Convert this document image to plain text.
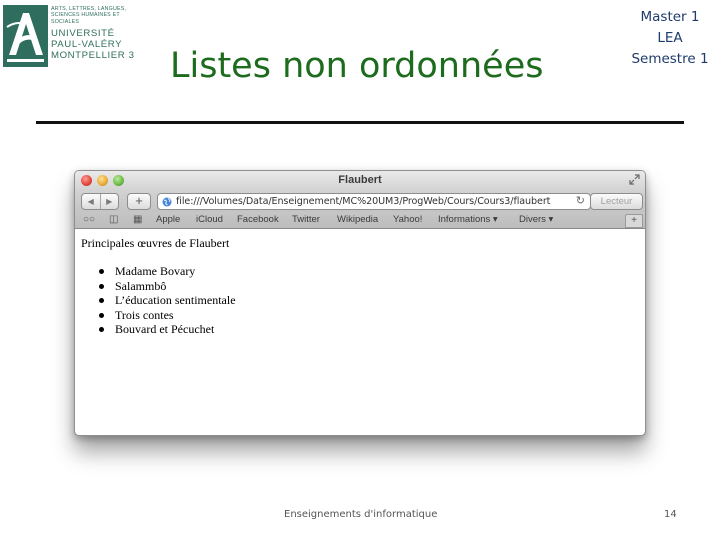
ARTS, LETTRES, LANGUES,
SCIENCES HUMAINES ET
SOCIALES
UNIVERSITÉ
PAUL-VALÉRY
MONTPELLIER 3 Listes non ordonnées
Master 1
LEA
Semestre 1
Flaubert
◀	▶	+	file:///Volumes/Data/Enseignement/MC%20UM3/ProgWeb/Cours/Cours3/flaubert	↻	Lecteur
○○ ◫ ▦ Apple iCloud Facebook Twitter Wikipedia Yahoo! Informations ▾ Divers ▾	+
Principales œuvres de Flaubert
Madame Bovary
Salammbô
L’éducation sentimentale
Trois contes
Bouvard et Pécuchet
Enseignements d'informatique	14
